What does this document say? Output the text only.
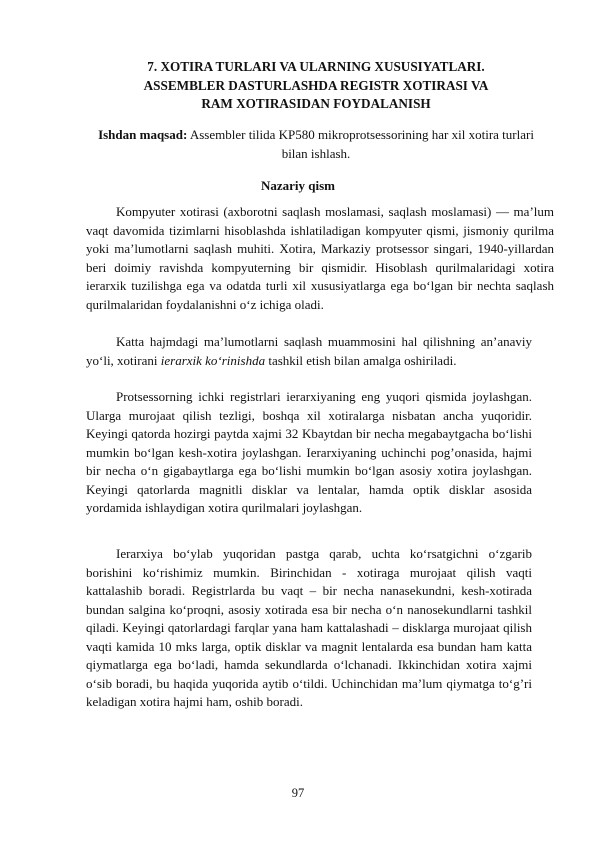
7. XOTIRA TURLARI VA ULARNING XUSUSIYATLARI.
ASSEMBLER DASTURLASHDA REGISTR XOTIRASI VA
RAM XOTIRASIDAN FOYDALANISH
Ishdan maqsad: Assembler tilida KP580 mikroprotsessorining har xil xotira turlari bilan ishlash.
Nazariy qism

Kompyuter xotirasi (axborotni saqlash moslamasi, saqlash moslamasi) — ma’lum vaqt davomida tizimlarni hisoblashda ishlatiladigan kompyuter qismi, jismoniy qurilma yoki ma’lumotlarni saqlash muhiti. Xotira, Markaziy protsessor singari, 1940-yillardan beri doimiy ravishda kompyuterning bir qismidir. Hisoblash qurilmalaridagi xotira ierarxik tuzilishga ega va odatda turli xil xususiyatlarga ega bo‘lgan bir nechta saqlash qurilmalaridan foydalanishni o‘z ichiga oladi.

Katta hajmdagi ma’lumotlarni saqlash muammosini hal qilishning an’anaviy yo‘li, xotirani ierarxik ko‘rinishda tashkil etish bilan amalga oshiriladi.

Protsessorning ichki registrlari ierarxiyaning eng yuqori qismida joylashgan. Ularga murojaat qilish tezligi, boshqa xil xotiralarga nisbatan ancha yuqoridir. Keyingi qatorda hozirgi paytda xajmi 32 Kbaytdan bir necha megabaytgacha bo‘lishi mumkin bo‘lgan kesh-xotira joylashgan. Ierarxiyaning uchinchi pog’onasida, hajmi bir necha o‘n gigabaytlarga ega bo‘lishi mumkin bo‘lgan asosiy xotira joylashgan. Keyingi qatorlarda magnitli disklar va lentalar, hamda optik disklar asosida yordamida ishlaydigan xotira qurilmalari joylashgan.

Ierarxiya bo‘ylab yuqoridan pastga qarab, uchta ko‘rsatgichni o‘zgarib borishini ko‘rishimiz mumkin. Birinchidan - xotiraga murojaat qilish vaqti kattalashib boradi. Registrlarda bu vaqt – bir necha nanasekundni, kesh-xotirada bundan salgina ko‘proqni, asosiy xotirada esa bir necha o‘n nanosekundlarni tashkil qiladi. Keyingi qatorlardagi farqlar yana ham kattalashadi – disklarga murojaat qilish vaqti kamida 10 mks larga, optik disklar va magnit lentalarda esa bundan ham katta qiymatlarga ega bo‘ladi, hamda sekundlarda o‘lchanadi. Ikkinchidan xotira xajmi o‘sib boradi, bu haqida yuqorida aytib o‘tildi. Uchinchidan ma’lum qiymatga to‘g’ri keladigan xotira hajmi ham, oshib boradi.

97
